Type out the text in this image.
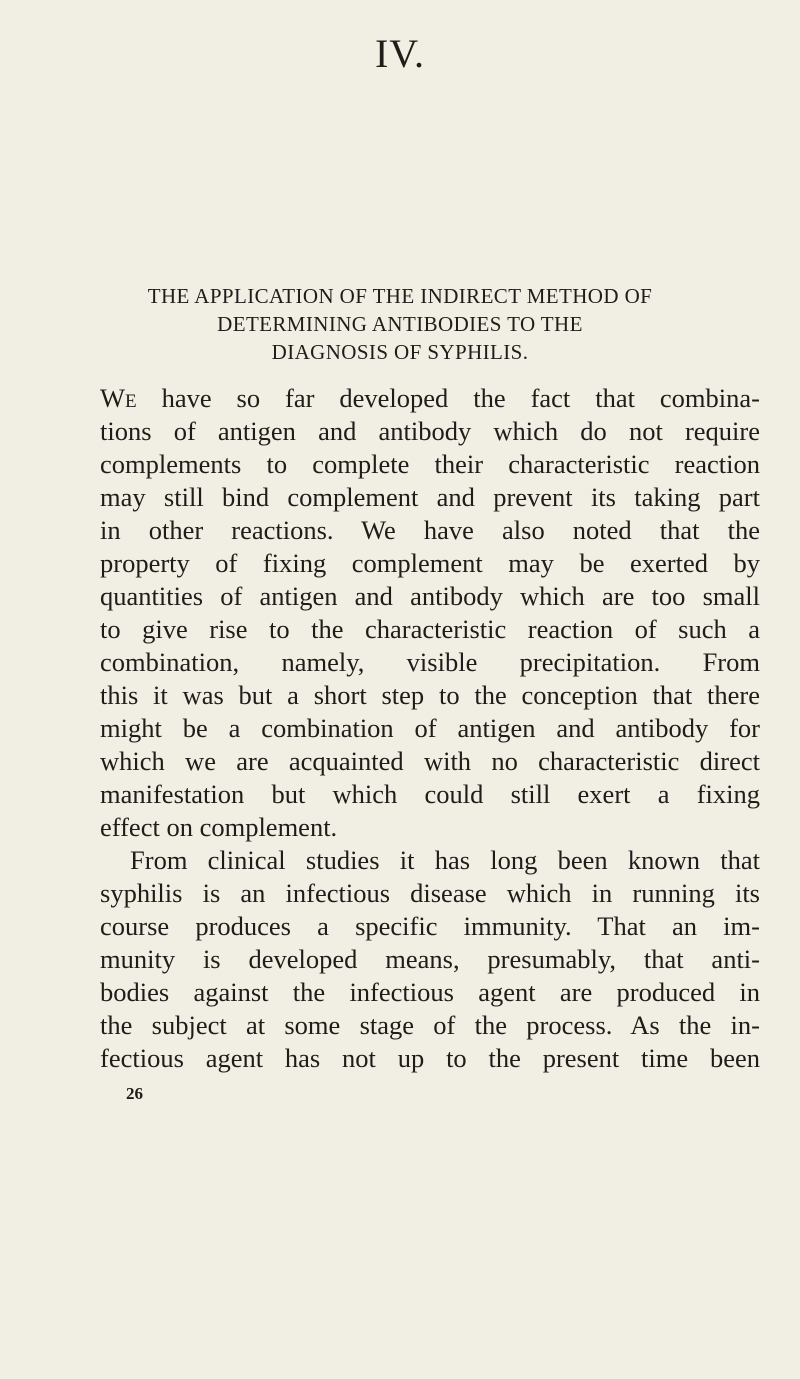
IV.
THE APPLICATION OF THE INDIRECT METHOD OF
DETERMINING ANTIBODIES TO THE
DIAGNOSIS OF SYPHILIS.
We have so far developed the fact that combina-
tions of antigen and antibody which do not require
complements to complete their characteristic reaction
may still bind complement and prevent its taking part
in other reactions. We have also noted that the
property of fixing complement may be exerted by
quantities of antigen and antibody which are too small
to give rise to the characteristic reaction of such a
combination, namely, visible precipitation. From
this it was but a short step to the conception that there
might be a combination of antigen and antibody for
which we are acquainted with no characteristic direct
manifestation but which could still exert a fixing
effect on complement.
From clinical studies it has long been known that
syphilis is an infectious disease which in running its
course produces a specific immunity. That an im-
munity is developed means, presumably, that anti-
bodies against the infectious agent are produced in
the subject at some stage of the process. As the in-
fectious agent has not up to the present time been
26
